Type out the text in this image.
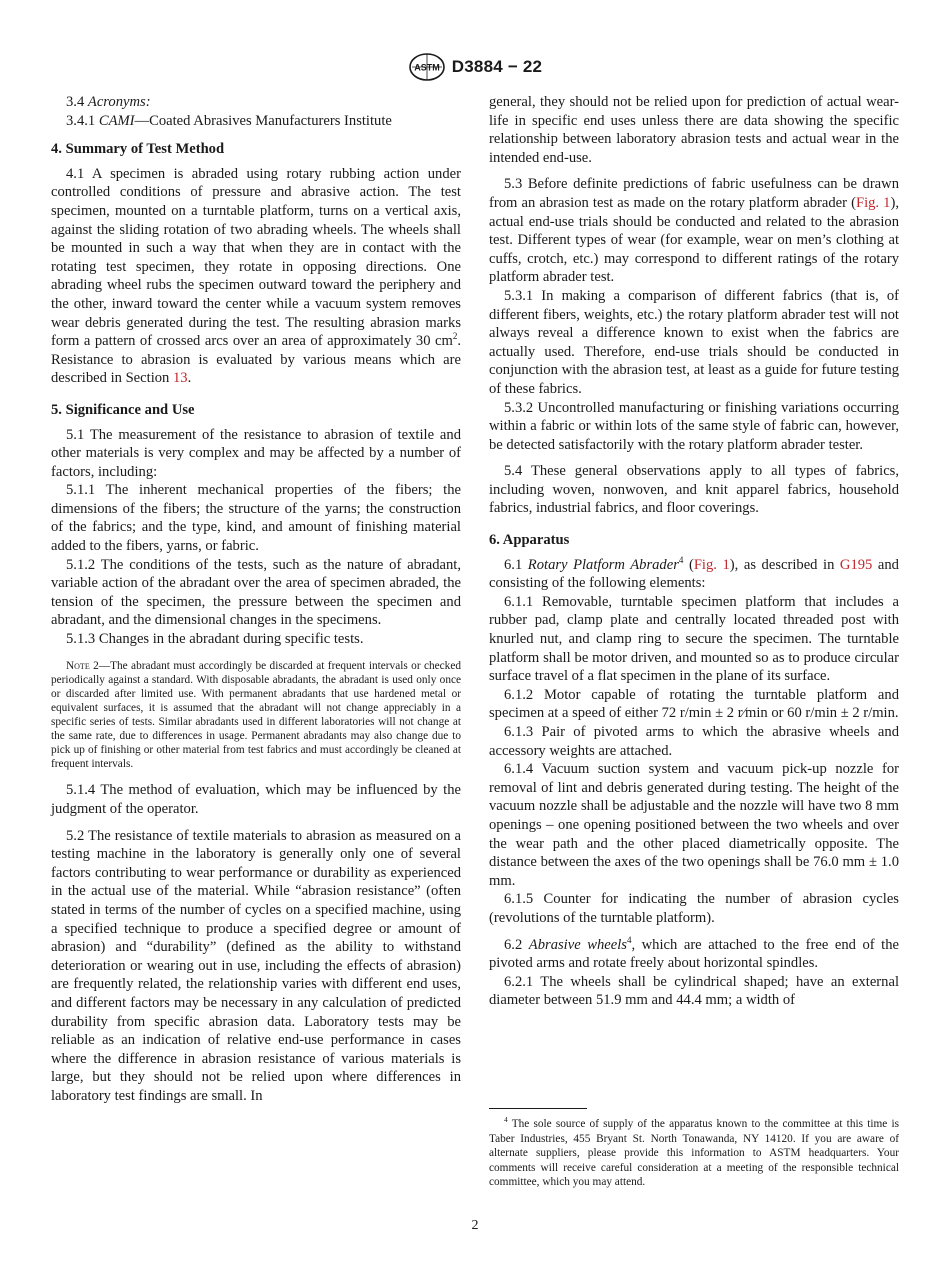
ASTM D3884 − 22

3.4 Acronyms:

3.4.1 CAMI—Coated Abrasives Manufacturers Institute

4. Summary of Test Method

4.1 A specimen is abraded using rotary rubbing action under controlled conditions of pressure and abrasive action. The test specimen, mounted on a turntable platform, turns on a vertical axis, against the sliding rotation of two abrading wheels. The wheels shall be mounted in such a way that when they are in contact with the rotating test specimen, they rotate in opposing directions. One abrading wheel rubs the specimen outward toward the periphery and the other, inward toward the center while a vacuum system removes wear debris generated during the test. The resulting abrasion marks form a pattern of crossed arcs over an area of approximately 30 $cm^2$. Resistance to abrasion is evaluated by various means which are described in Section 13.

5. Significance and Use

5.1 The measurement of the resistance to abrasion of textile and other materials is very complex and may be affected by a number of factors, including:

5.1.1 The inherent mechanical properties of the fibers; the dimensions of the fibers; the structure of the yarns; the construction of the fabrics; and the type, kind, and amount of finishing material added to the fibers, yarns, or fabric.

5.1.2 The conditions of the tests, such as the nature of abradant, variable action of the abradant over the area of specimen abraded, the tension of the specimen, the pressure between the specimen and abradant, and the dimensional changes in the specimens.

5.1.3 Changes in the abradant during specific tests.

Note 2—The abradant must accordingly be discarded at frequent intervals or checked periodically against a standard. With disposable abradants, the abradant is used only once or discarded after limited use. With permanent abradants that use hardened metal or equivalent surfaces, it is assumed that the abradant will not change appreciably in a specific series of tests. Similar abradants used in different laboratories will not change at the same rate, due to differences in usage. Permanent abradants may also change due to pick up of finishing or other material from test fabrics and must accordingly be cleaned at frequent intervals.

5.1.4 The method of evaluation, which may be influenced by the judgment of the operator.

5.2 The resistance of textile materials to abrasion as measured on a testing machine in the laboratory is generally only one of several factors contributing to wear performance or durability as experienced in the actual use of the material. While “abrasion resistance” (often stated in terms of the number of cycles on a specified machine, using a specified technique to produce a specified degree or amount of abrasion) and “durability” (defined as the ability to withstand deterioration or wearing out in use, including the effects of abrasion) are frequently related, the relationship varies with different end uses, and different factors may be necessary in any calculation of predicted durability from specific abrasion data. Laboratory tests may be reliable as an indication of relative end-use performance in cases where the difference in abrasion resistance of various materials is large, but they should not be relied upon where differences in laboratory test findings are small. In

general, they should not be relied upon for prediction of actual wear-life in specific end uses unless there are data showing the specific relationship between laboratory abrasion tests and actual wear in the intended end-use.

5.3 Before definite predictions of fabric usefulness can be drawn from an abrasion test as made on the rotary platform abrader (Fig. 1), actual end-use trials should be conducted and related to the abrasion test. Different types of wear (for example, wear on men’s clothing at cuffs, crotch, etc.) may correspond to different ratings of the rotary platform abrader test.

5.3.1 In making a comparison of different fabrics (that is, of different fibers, weights, etc.) the rotary platform abrader test will not always reveal a difference known to exist when the fabrics are actually used. Therefore, end-use trials should be conducted in conjunction with the abrasion test, at least as a guide for future testing of these fabrics.

5.3.2 Uncontrolled manufacturing or finishing variations occurring within a fabric or within lots of the same style of fabric can, however, be detected satisfactorily with the rotary platform abrader tester.

5.4 These general observations apply to all types of fabrics, including woven, nonwoven, and knit apparel fabrics, household fabrics, industrial fabrics, and floor coverings.

6. Apparatus

6.1 Rotary Platform Abrader$^4$ (Fig. 1), as described in G195 and consisting of the following elements:

6.1.1 Removable, turntable specimen platform that includes a rubber pad, clamp plate and centrally located threaded post with knurled nut, and clamp ring to secure the specimen. The turntable platform shall be motor driven, and mounted so as to produce circular surface travel of a flat specimen in the plane of its surface.

6.1.2 Motor capable of rotating the turntable platform and specimen at a speed of either 72 r/min ± 2 r⁄min or 60 r/min ± 2 r/min.

6.1.3 Pair of pivoted arms to which the abrasive wheels and accessory weights are attached.

6.1.4 Vacuum suction system and vacuum pick-up nozzle for removal of lint and debris generated during testing. The height of the vacuum nozzle shall be adjustable and the nozzle will have two 8 mm openings – one opening positioned between the two wheels and over the wear path and the other placed diametrically opposite. The distance between the axes of the two openings shall be 76.0 mm ± 1.0 mm.

6.1.5 Counter for indicating the number of abrasion cycles (revolutions of the turntable platform).

6.2 Abrasive wheels$^4$, which are attached to the free end of the pivoted arms and rotate freely about horizontal spindles.

6.2.1 The wheels shall be cylindrical shaped; have an external diameter between 51.9 mm and 44.4 mm; a width of

$^4$ The sole source of supply of the apparatus known to the committee at this time is Taber Industries, 455 Bryant St. North Tonawanda, NY 14120. If you are aware of alternate suppliers, please provide this information to ASTM headquarters. Your comments will receive careful consideration at a meeting of the responsible technical committee, which you may attend.

2
